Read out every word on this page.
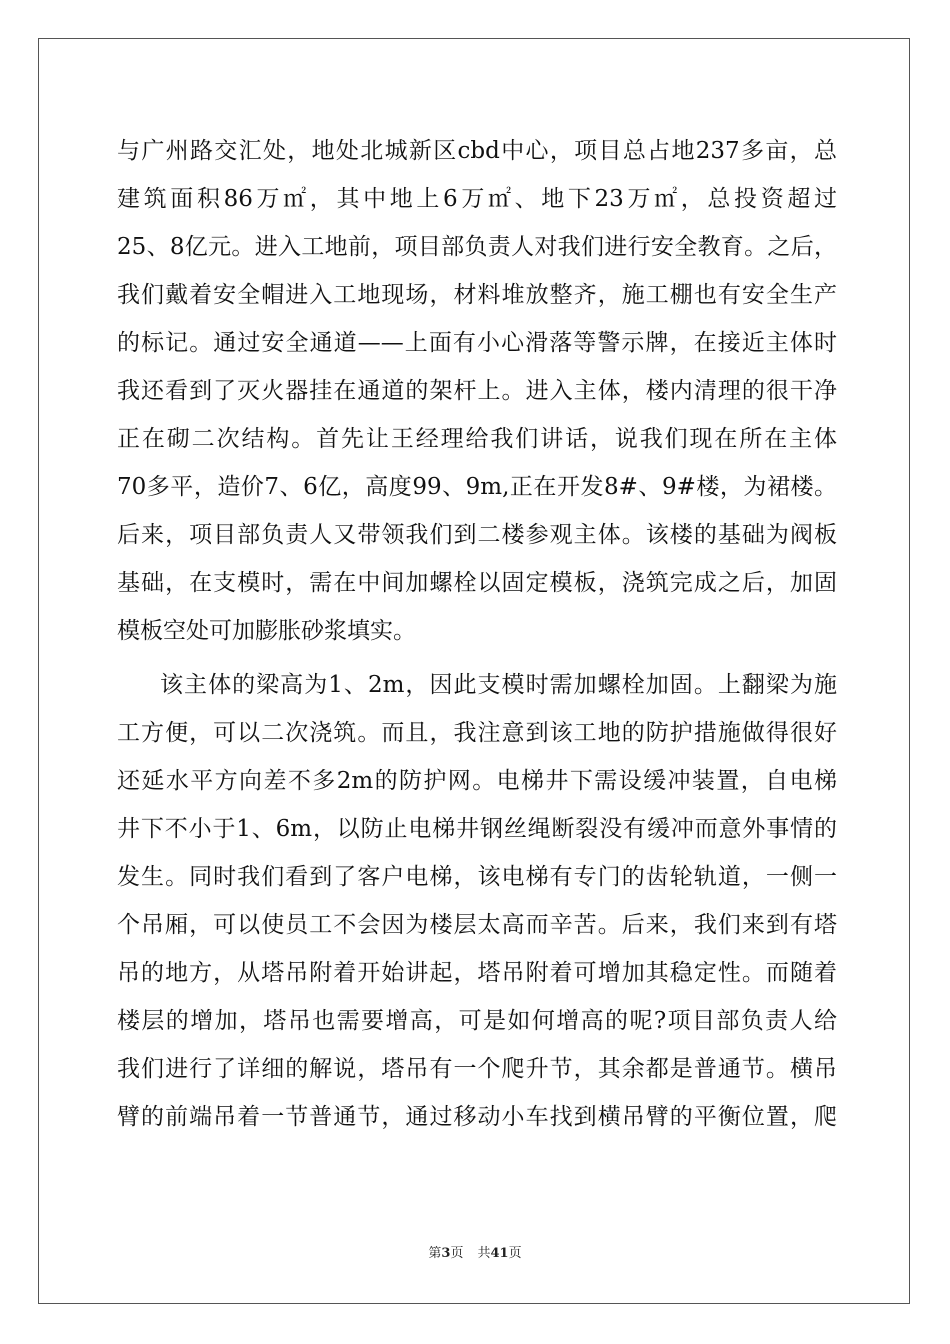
与广州路交汇处，地处北城新区cbd中心，项目总占地237多亩，总
建筑面积86万㎡，其中地上6万㎡、地下23万㎡，总投资超过
25、8亿元。进入工地前，项目部负责人对我们进行安全教育。之后，
我们戴着安全帽进入工地现场，材料堆放整齐，施工棚也有安全生产
的标记。通过安全通道——上面有小心滑落等警示牌，在接近主体时
我还看到了灭火器挂在通道的架杆上。进入主体，楼内清理的很干净
正在砌二次结构。首先让王经理给我们讲话，说我们现在所在主体
70多平，造价7、6亿，高度99、9m,正在开发8#、9#楼，为裙楼。
后来，项目部负责人又带领我们到二楼参观主体。该楼的基础为阀板
基础，在支模时，需在中间加螺栓以固定模板，浇筑完成之后，加固
模板空处可加膨胀砂浆填实。
该主体的梁高为1、2m，因此支模时需加螺栓加固。上翻梁为施
工方便，可以二次浇筑。而且，我注意到该工地的防护措施做得很好
还延水平方向差不多2m的防护网。电梯井下需设缓冲装置，自电梯
井下不小于1、6m，以防止电梯井钢丝绳断裂没有缓冲而意外事情的
发生。同时我们看到了客户电梯，该电梯有专门的齿轮轨道，一侧一
个吊厢，可以使员工不会因为楼层太高而辛苦。后来，我们来到有塔
吊的地方，从塔吊附着开始讲起，塔吊附着可增加其稳定性。而随着
楼层的增加，塔吊也需要增高，可是如何增高的呢?项目部负责人给
我们进行了详细的解说，塔吊有一个爬升节，其余都是普通节。横吊
臂的前端吊着一节普通节，通过移动小车找到横吊臂的平衡位置，爬
第3页 共41页
